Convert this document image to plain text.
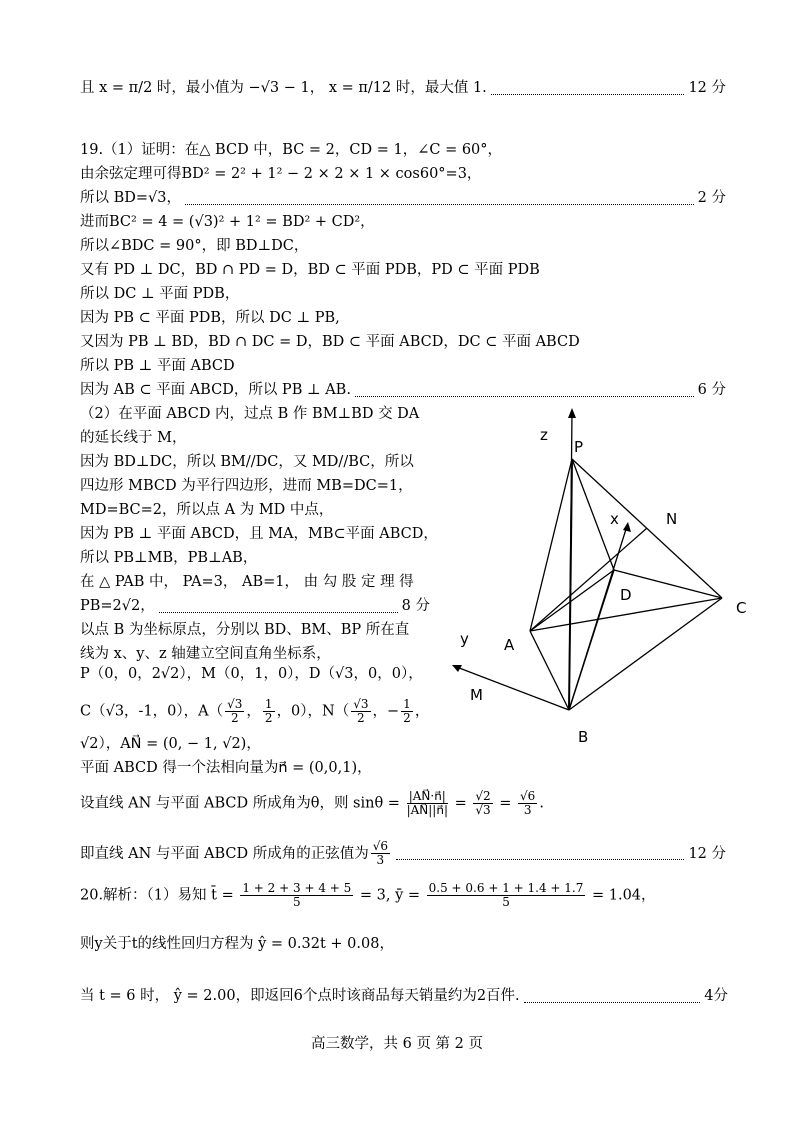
且 x = π/2 时，最小值为 −√3 − 1， x = π/12 时，最大值 1.	12 分
19.（1）证明：在△ BCD 中，BC = 2，CD = 1，∠C = 60°，
由余弦定理可得BD² = 2² + 1² − 2 × 2 × 1 × cos60°=3，
所以 BD=√3，	2 分
进而BC² = 4 = (√3)² + 1² = BD² + CD²，
所以∠BDC = 90°，即 BD⊥DC，
又有 PD ⊥ DC，BD ∩ PD = D，BD ⊂ 平面 PDB，PD ⊂ 平面 PDB
所以 DC ⊥ 平面 PDB，
因为 PB ⊂ 平面 PDB，所以 DC ⊥ PB,
又因为 PB ⊥ BD，BD ∩ DC = D，BD ⊂ 平面 ABCD，DC ⊂ 平面 ABCD
所以 PB ⊥ 平面 ABCD
因为 AB ⊂ 平面 ABCD，所以 PB ⊥ AB.	6 分
（2）在平面 ABCD 内，过点 B 作 BM⊥BD 交 DA
的延长线于 M，
因为 BD⊥DC，所以 BM//DC，又 MD//BC，所以
四边形 MBCD 为平行四边形，进而 MB=DC=1，
MD=BC=2，所以点 A 为 MD 中点，
因为 PB ⊥ 平面 ABCD，且 MA，MB⊂平面 ABCD，
所以 PB⊥MB，PB⊥AB，
在 △ PAB 中， PA=3， AB=1， 由 勾 股 定 理 得
PB=2√2，	8 分
以点 B 为坐标原点，分别以 BD、BM、BP 所在直
线为 x、y、z 轴建立空间直角坐标系，
P（0，0，2√2），M（0，1，0），D（√3，0，0），
C（√3，-1，0），$A( \frac{√3}{2}$ ， $\frac{1}{2}$ ，0），$N( \frac{√3}{2}$ ，− $\frac{1}{2}$ ，
√2），AN⃗ = (0, − 1, √2)，
平面 ABCD 得一个法相向量为n⃗ = (0,0,1)，
设直线 AN 与平面 ABCD 所成角为θ，则 $\sin\theta = \frac{|AN⃗\cdot n⃗|}{|AN⃗||n⃗|} = \frac{√2}{√3} = \frac{√6}{3}$ .
即直线 AN 与平面 ABCD 所成角的正弦值为 $\frac{√6}{3}$	12 分
z
P
x	N
D
C
y A
M
B
20.解析：（1）易知 t̄ = $\frac{1 + 2 + 3 + 4 + 5}{5} = 3$, ȳ = $\frac{0.5 + 0.6 + 1 + 1.4 + 1.7}{5} = 1.04$，
则y关于t的线性回归方程为 ŷ = 0.32t + 0.08，
当 t = 6 时， ŷ = 2.00，即返回6个点时该商品每天销量约为2百件.	4分
高三数学，共 6 页 第 2 页
